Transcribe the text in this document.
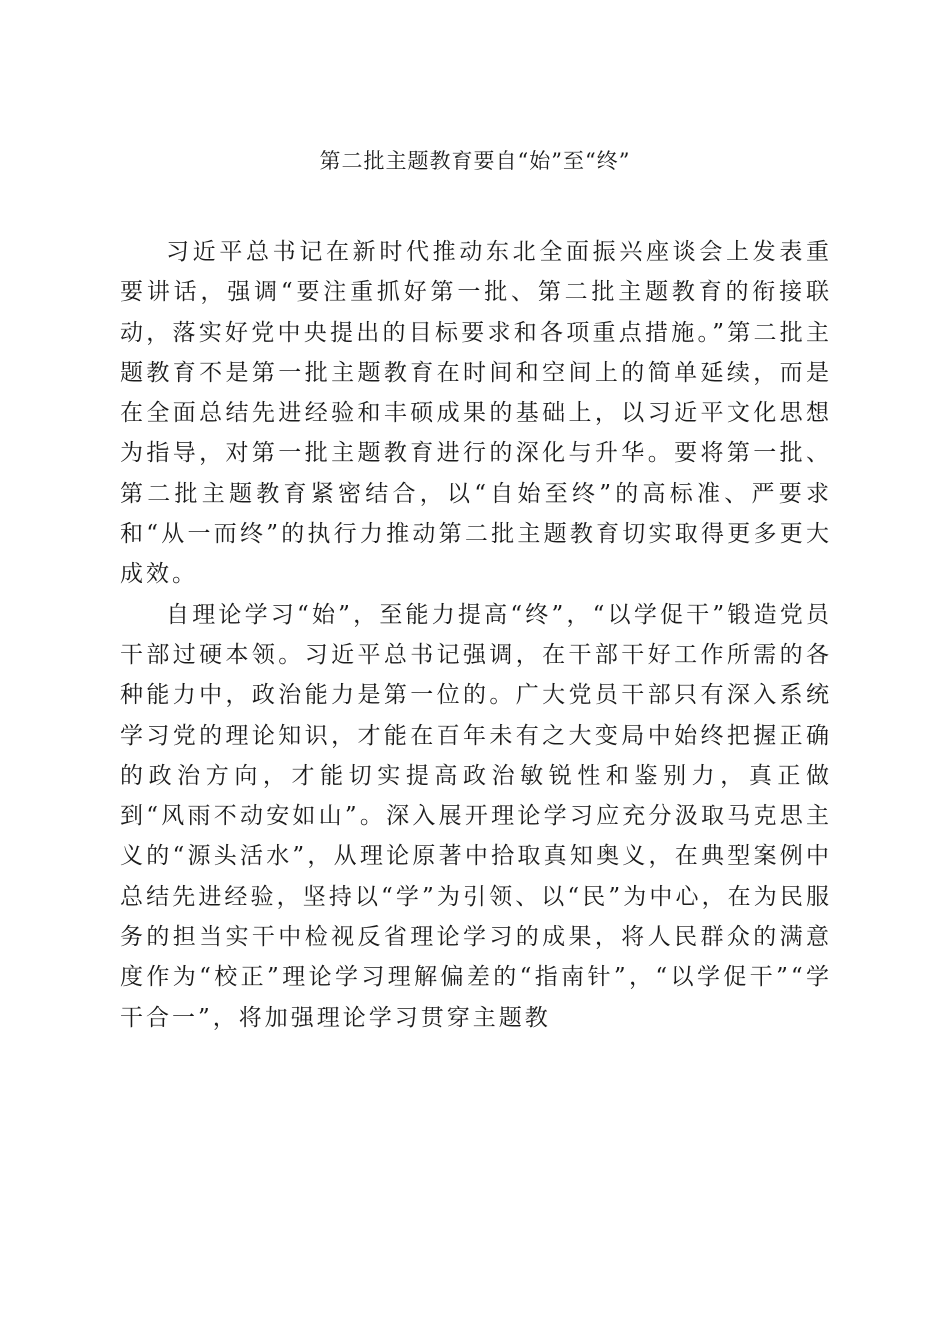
第二批主题教育要自“始”至“终”

习近平总书记在新时代推动东北全面振兴座谈会上发表重要讲话，强调“要注重抓好第一批、第二批主题教育的衔接联动，落实好党中央提出的目标要求和各项重点措施。”第二批主题教育不是第一批主题教育在时间和空间上的简单延续，而是在全面总结先进经验和丰硕成果的基础上，以习近平文化思想为指导，对第一批主题教育进行的深化与升华。要将第一批、第二批主题教育紧密结合，以“自始至终”的高标准、严要求和“从一而终”的执行力推动第二批主题教育切实取得更多更大成效。

自理论学习“始”，至能力提高“终”，“以学促干”锻造党员干部过硬本领。习近平总书记强调，在干部干好工作所需的各种能力中，政治能力是第一位的。广大党员干部只有深入系统学习党的理论知识，才能在百年未有之大变局中始终把握正确的政治方向，才能切实提高政治敏锐性和鉴别力，真正做到“风雨不动安如山”。深入展开理论学习应充分汲取马克思主义的“源头活水”，从理论原著中拾取真知奥义，在典型案例中总结先进经验，坚持以“学”为引领、以“民”为中心，在为民服务的担当实干中检视反省理论学习的成果，将人民群众的满意度作为“校正”理论学习理解偏差的“指南针”，“以学促干”“学干合一”，将加强理论学习贯穿主题教
